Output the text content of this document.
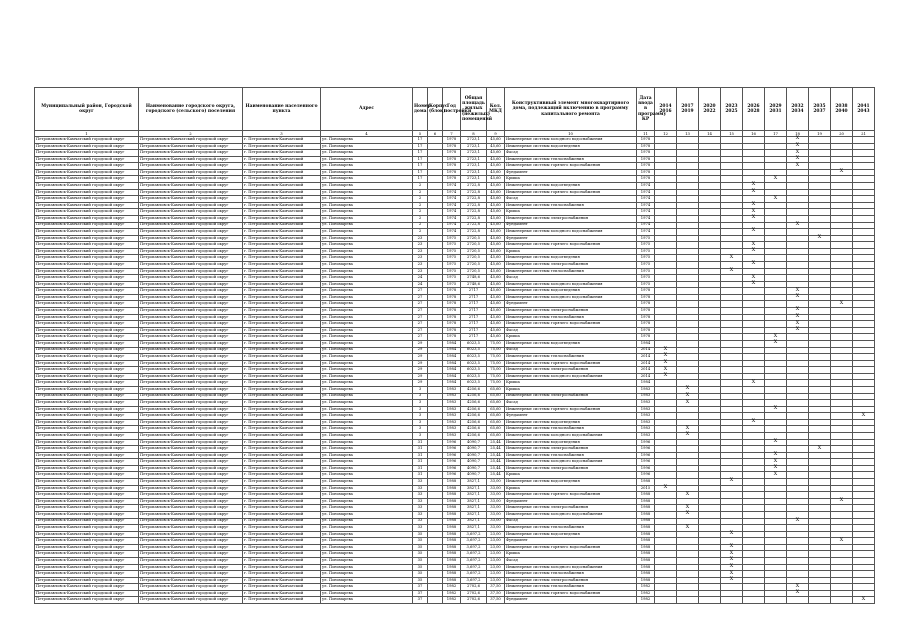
Муниципальный район, Городской округ	Наименование городского округа, городского (сельского) поселения	Наименование населенного пункта	Адрес	Номер дома	Корпус (блок)	Год постройки	Общая площадь жилых (нежилых) помещений	Кол. МКД	Конструктивный элемент многоквартирного дома, подлежащий включению в программу капитального ремонта	Дата ввода в программу КР	2014 2016	2017 2019	2020 2022	2023 2025	2026 2028	2029 2031	2032 2034	2035 2037	2038 2040	2041 2043
1	2	3	4	5	6	7	8	9	10	11	12	13	14	15	16	17	18	19	20	21
Петропавловск-Камчатский городской округ	Петропавловск-Камчатский городской округ	г. Петропавловск-Камчатский	ул. Пономарева	17		1978	2723,1	45,60	Инженерные системы холодного водоснабжения	1978							X			
Петропавловск-Камчатский городской округ	Петропавловск-Камчатский городской округ	г. Петропавловск-Камчатский	ул. Пономарева	17		1978	2723,1	45,60	Инженерные системы водоотведения	1978							X			
Петропавловск-Камчатский городской округ	Петропавловск-Камчатский городской округ	г. Петропавловск-Камчатский	ул. Пономарева	17		1978	2723,1	45,60	Фасад	1978							X			
Петропавловск-Камчатский городской округ	Петропавловск-Камчатский городской округ	г. Петропавловск-Камчатский	ул. Пономарева	17		1978	2723,1	45,60	Инженерные системы теплоснабжения	1978							X			
Петропавловск-Камчатский городской округ	Петропавловск-Камчатский городской округ	г. Петропавловск-Камчатский	ул. Пономарева	17		1978	2723,1	45,60	Инженерные системы горячего водоснабжения	1978							X			
Петропавловск-Камчатский городской округ	Петропавловск-Камчатский городской округ	г. Петропавловск-Камчатский	ул. Пономарева	17		1978	2723,1	45,60	Фундамент	1978									X	
Петропавловск-Камчатский городской округ	Петропавловск-Камчатский городской округ	г. Петропавловск-Камчатский	ул. Пономарева	17		1978	2723,1	45,60	Крыша	1978						X				
Петропавловск-Камчатский городской округ	Петропавловск-Камчатский городской округ	г. Петропавловск-Камчатский	ул. Пономарева	2		1974	2722,8	45,60	Инженерные системы водоотведения	1974					X					
Петропавловск-Камчатский городской округ	Петропавловск-Камчатский городской округ	г. Петропавловск-Камчатский	ул. Пономарева	2		1974	2722,8	45,60	Инженерные системы горячего водоснабжения	1974					X					
Петропавловск-Камчатский городской округ	Петропавловск-Камчатский городской округ	г. Петропавловск-Камчатский	ул. Пономарева	2		1974	2722,8	45,60	Фасад	1974						X				
Петропавловск-Камчатский городской округ	Петропавловск-Камчатский городской округ	г. Петропавловск-Камчатский	ул. Пономарева	2		1974	2722,8	45,60	Инженерные системы теплоснабжения	1974					X					
Петропавловск-Камчатский городской округ	Петропавловск-Камчатский городской округ	г. Петропавловск-Камчатский	ул. Пономарева	2		1974	2722,8	45,60	Крыша	1974					X					
Петропавловск-Камчатский городской округ	Петропавловск-Камчатский городской округ	г. Петропавловск-Камчатский	ул. Пономарева	2		1974	2722,8	45,60	Инженерные системы электроснабжения	1974					X					
Петропавловск-Камчатский городской округ	Петропавловск-Камчатский городской округ	г. Петропавловск-Камчатский	ул. Пономарева	2		1974	2722,8	45,60	Фундамент	1974							X			
Петропавловск-Камчатский городской округ	Петропавловск-Камчатский городской округ	г. Петропавловск-Камчатский	ул. Пономарева	2		1974	2722,8	45,60	Инженерные системы холодного водоснабжения	1974					X					
Петропавловск-Камчатский городской округ	Петропавловск-Камчатский городской округ	г. Петропавловск-Камчатский	ул. Пономарева	23		1975	2720,5	45,60	Фундамент	1975								X		
Петропавловск-Камчатский городской округ	Петропавловск-Камчатский городской округ	г. Петропавловск-Камчатский	ул. Пономарева	23		1975	2720,5	45,60	Инженерные системы горячего водоснабжения	1975					X					
Петропавловск-Камчатский городской округ	Петропавловск-Камчатский городской округ	г. Петропавловск-Камчатский	ул. Пономарева	23		1975	2720,5	45,60	Крыша	1975					X					
Петропавловск-Камчатский городской округ	Петропавловск-Камчатский городской округ	г. Петропавловск-Камчатский	ул. Пономарева	23		1975	2720,5	45,60	Инженерные системы водоотведения	1975				X						
Петропавловск-Камчатский городской округ	Петропавловск-Камчатский городской округ	г. Петропавловск-Камчатский	ул. Пономарева	23		1975	2720,5	45,60	Инженерные системы электроснабжения	1975					X					
Петропавловск-Камчатский городской округ	Петропавловск-Камчатский городской округ	г. Петропавловск-Камчатский	ул. Пономарева	23		1975	2720,5	45,60	Инженерные системы теплоснабжения	1975				X						
Петропавловск-Камчатский городской округ	Петропавловск-Камчатский городской округ	г. Петропавловск-Камчатский	ул. Пономарева	24		1975	2748,6	45,60	Фасад	1975					X					
Петропавловск-Камчатский городской округ	Петропавловск-Камчатский городской округ	г. Петропавловск-Камчатский	ул. Пономарева	24		1975	2748,6	45,60	Инженерные системы холодного водоснабжения	1975					X					
Петропавловск-Камчатский городской округ	Петропавловск-Камчатский городской округ	г. Петропавловск-Камчатский	ул. Пономарева	27		1978	2717	45,60	Инженерные системы водоотведения	1978							X			
Петропавловск-Камчатский городской округ	Петропавловск-Камчатский городской округ	г. Петропавловск-Камчатский	ул. Пономарева	27		1978	2717	45,60	Инженерные системы холодного водоснабжения	1978							X			
Петропавловск-Камчатский городской округ	Петропавловск-Камчатский городской округ	г. Петропавловск-Камчатский	ул. Пономарева	27		1978	2717	45,60	Фундамент	1978									X	
Петропавловск-Камчатский городской округ	Петропавловск-Камчатский городской округ	г. Петропавловск-Камчатский	ул. Пономарева	27		1978	2717	45,60	Инженерные системы электроснабжения	1978							X			
Петропавловск-Камчатский городской округ	Петропавловск-Камчатский городской округ	г. Петропавловск-Камчатский	ул. Пономарева	27		1978	2717	45,60	Инженерные системы теплоснабжения	1978							X			
Петропавловск-Камчатский городской округ	Петропавловск-Камчатский городской округ	г. Петропавловск-Камчатский	ул. Пономарева	27		1978	2717	45,60	Инженерные системы горячего водоснабжения	1978							X			
Петропавловск-Камчатский городской округ	Петропавловск-Камчатский городской округ	г. Петропавловск-Камчатский	ул. Пономарева	27		1978	2717	45,60	Фасад	1978							X			
Петропавловск-Камчатский городской округ	Петропавловск-Камчатский городской округ	г. Петропавловск-Камчатский	ул. Пономарева	27		1978	2717	45,60	Крыша	1978						X				
Петропавловск-Камчатский городской округ	Петропавловск-Камчатский городской округ	г. Петропавловск-Камчатский	ул. Пономарева	29		1984	6023,5	75,00	Инженерные системы водоотведения	1984						X				
Петропавловск-Камчатский городской округ	Петропавловск-Камчатский городской округ	г. Петропавловск-Камчатский	ул. Пономарева	29		1984	6023,5	75,00	Фасад	2014	X									
Петропавловск-Камчатский городской округ	Петропавловск-Камчатский городской округ	г. Петропавловск-Камчатский	ул. Пономарева	29		1984	6023,5	75,00	Инженерные системы теплоснабжения	2014	X									
Петропавловск-Камчатский городской округ	Петропавловск-Камчатский городской округ	г. Петропавловск-Камчатский	ул. Пономарева	29		1984	6023,5	75,00	Инженерные системы горячего водоснабжения	2014	X									
Петропавловск-Камчатский городской округ	Петропавловск-Камчатский городской округ	г. Петропавловск-Камчатский	ул. Пономарева	29		1984	6023,5	75,00	Инженерные системы электроснабжения	2014	X									
Петропавловск-Камчатский городской округ	Петропавловск-Камчатский городской округ	г. Петропавловск-Камчатский	ул. Пономарева	29		1984	6023,5	75,00	Инженерные системы холодного водоснабжения	2014	X									
Петропавловск-Камчатский городской округ	Петропавловск-Камчатский городской округ	г. Петропавловск-Камчатский	ул. Пономарева	29		1984	6023,5	75,00	Крыша	1984					X					
Петропавловск-Камчатский городской округ	Петропавловск-Камчатский городской округ	г. Петропавловск-Камчатский	ул. Пономарева	3		1983	4256,6	65,60	Крыша	1983		X								
Петропавловск-Камчатский городской округ	Петропавловск-Камчатский городской округ	г. Петропавловск-Камчатский	ул. Пономарева	3		1983	4256,6	65,60	Инженерные системы электроснабжения	1983		X								
Петропавловск-Камчатский городской округ	Петропавловск-Камчатский городской округ	г. Петропавловск-Камчатский	ул. Пономарева	3		1983	4256,6	65,60	Фасад	1983		X								
Петропавловск-Камчатский городской округ	Петропавловск-Камчатский городской округ	г. Петропавловск-Камчатский	ул. Пономарева	3		1983	4256,6	65,60	Инженерные системы горячего водоснабжения	1983						X				
Петропавловск-Камчатский городской округ	Петропавловск-Камчатский городской округ	г. Петропавловск-Камчатский	ул. Пономарева	3		1983	4256,6	65,60	Фундамент	1983										X
Петропавловск-Камчатский городской округ	Петропавловск-Камчатский городской округ	г. Петропавловск-Камчатский	ул. Пономарева	3		1983	4256,6	65,60	Инженерные системы водоотведения	1983					X					
Петропавловск-Камчатский городской округ	Петропавловск-Камчатский городской округ	г. Петропавловск-Камчатский	ул. Пономарева	3		1983	4256,6	65,60	Инженерные системы теплоснабжения	1983		X								
Петропавловск-Камчатский городской округ	Петропавловск-Камчатский городской округ	г. Петропавловск-Камчатский	ул. Пономарева	3		1983	4256,6	65,60	Инженерные системы холодного водоснабжения	1983		X								
Петропавловск-Камчатский городской округ	Петропавловск-Камчатский городской округ	г. Петропавловск-Камчатский	ул. Пономарева	31		1996	4090,7	25,44	Инженерные системы водоотведения	1996						X				
Петропавловск-Камчатский городской округ	Петропавловск-Камчатский городской округ	г. Петропавловск-Камчатский	ул. Пономарева	31		1996	4090,7	25,44	Инженерные системы электроснабжения	1996								X		
Петропавловск-Камчатский городской округ	Петропавловск-Камчатский городской округ	г. Петропавловск-Камчатский	ул. Пономарева	31		1996	4090,7	25,44	Инженерные системы теплоснабжения	1996						X				
Петропавловск-Камчатский городской округ	Петропавловск-Камчатский городской округ	г. Петропавловск-Камчатский	ул. Пономарева	31		1996	4090,7	25,44	Инженерные системы холодного водоснабжения	1996						X				
Петропавловск-Камчатский городской округ	Петропавловск-Камчатский городской округ	г. Петропавловск-Камчатский	ул. Пономарева	31		1996	4090,7	25,44	Инженерные системы электроснабжения	1996						X				
Петропавловск-Камчатский городской округ	Петропавловск-Камчатский городской округ	г. Петропавловск-Камчатский	ул. Пономарева	31		1996	4090,7	25,44	Крыша	1996						X				
Петропавловск-Камчатский городской округ	Петропавловск-Камчатский городской округ	г. Петропавловск-Камчатский	ул. Пономарева	33		1988	3827,1	33,00	Инженерные системы водоотведения	1988				X						
Петропавловск-Камчатский городской округ	Петропавловск-Камчатский городской округ	г. Петропавловск-Камчатский	ул. Пономарева	33		1988	3827,1	33,00	Крыша	2015	X									
Петропавловск-Камчатский городской округ	Петропавловск-Камчатский городской округ	г. Петропавловск-Камчатский	ул. Пономарева	33		1988	3827,1	33,00	Инженерные системы горячего водоснабжения	1988		X								
Петропавловск-Камчатский городской округ	Петропавловск-Камчатский городской округ	г. Петропавловск-Камчатский	ул. Пономарева	33		1988	3827,1	33,00	Фундамент	1988									X	
Петропавловск-Камчатский городской округ	Петропавловск-Камчатский городской округ	г. Петропавловск-Камчатский	ул. Пономарева	33		1988	3827,1	33,00	Инженерные системы электроснабжения	1988		X								
Петропавловск-Камчатский городской округ	Петропавловск-Камчатский городской округ	г. Петропавловск-Камчатский	ул. Пономарева	33		1988	3827,1	33,00	Инженерные системы холодного водоснабжения	1988		X								
Петропавловск-Камчатский городской округ	Петропавловск-Камчатский городской округ	г. Петропавловск-Камчатский	ул. Пономарева	33		1988	3827,1	33,00	Фасад	1988							X			
Петропавловск-Камчатский городской округ	Петропавловск-Камчатский городской округ	г. Петропавловск-Камчатский	ул. Пономарева	33		1988	3827,1	33,00	Инженерные системы теплоснабжения	1988		X								
Петропавловск-Камчатский городской округ	Петропавловск-Камчатский городской округ	г. Петропавловск-Камчатский	ул. Пономарева	35		1988	3,697,2	23,00	Инженерные системы водоотведения	1988				X						
Петропавловск-Камчатский городской округ	Петропавловск-Камчатский городской округ	г. Петропавловск-Камчатский	ул. Пономарева	35		1988	3,697,2	23,00	Фундамент	1988									X	
Петропавловск-Камчатский городской округ	Петропавловск-Камчатский городской округ	г. Петропавловск-Камчатский	ул. Пономарева	35		1988	3,697,2	23,00	Инженерные системы горячего водоснабжения	1988				X						
Петропавловск-Камчатский городской округ	Петропавловск-Камчатский городской округ	г. Петропавловск-Камчатский	ул. Пономарева	35		1988	3,697,2	23,00	Крыша	1988				X						
Петропавловск-Камчатский городской округ	Петропавловск-Камчатский городской округ	г. Петропавловск-Камчатский	ул. Пономарева	35		1988	3,697,2	23,00	Фасад	1988				X						
Петропавловск-Камчатский городской округ	Петропавловск-Камчатский городской округ	г. Петропавловск-Камчатский	ул. Пономарева	35		1988	3,697,2	23,00	Инженерные системы холодного водоснабжения	1988				X						
Петропавловск-Камчатский городской округ	Петропавловск-Камчатский городской округ	г. Петропавловск-Камчатский	ул. Пономарева	35		1988	3,697,2	23,00	Инженерные системы теплоснабжения	1988				X						
Петропавловск-Камчатский городской округ	Петропавловск-Камчатский городской округ	г. Петропавловск-Камчатский	ул. Пономарева	35		1988	3,697,2	23,00	Инженерные системы электроснабжения	1988				X						
Петропавловск-Камчатский городской округ	Петропавловск-Камчатский городской округ	г. Петропавловск-Камчатский	ул. Пономарева	37		1982	2702,6	37,50	Инженерные системы теплоснабжения	1982							X			
Петропавловск-Камчатский городской округ	Петропавловск-Камчатский городской округ	г. Петропавловск-Камчатский	ул. Пономарева	37		1982	2702,6	37,50	Инженерные системы горячего водоснабжения	1982							X			
Петропавловск-Камчатский городской округ	Петропавловск-Камчатский городской округ	г. Петропавловск-Камчатский	ул. Пономарева	37		1982	2702,6	37,50	Фундамент	1982										X
